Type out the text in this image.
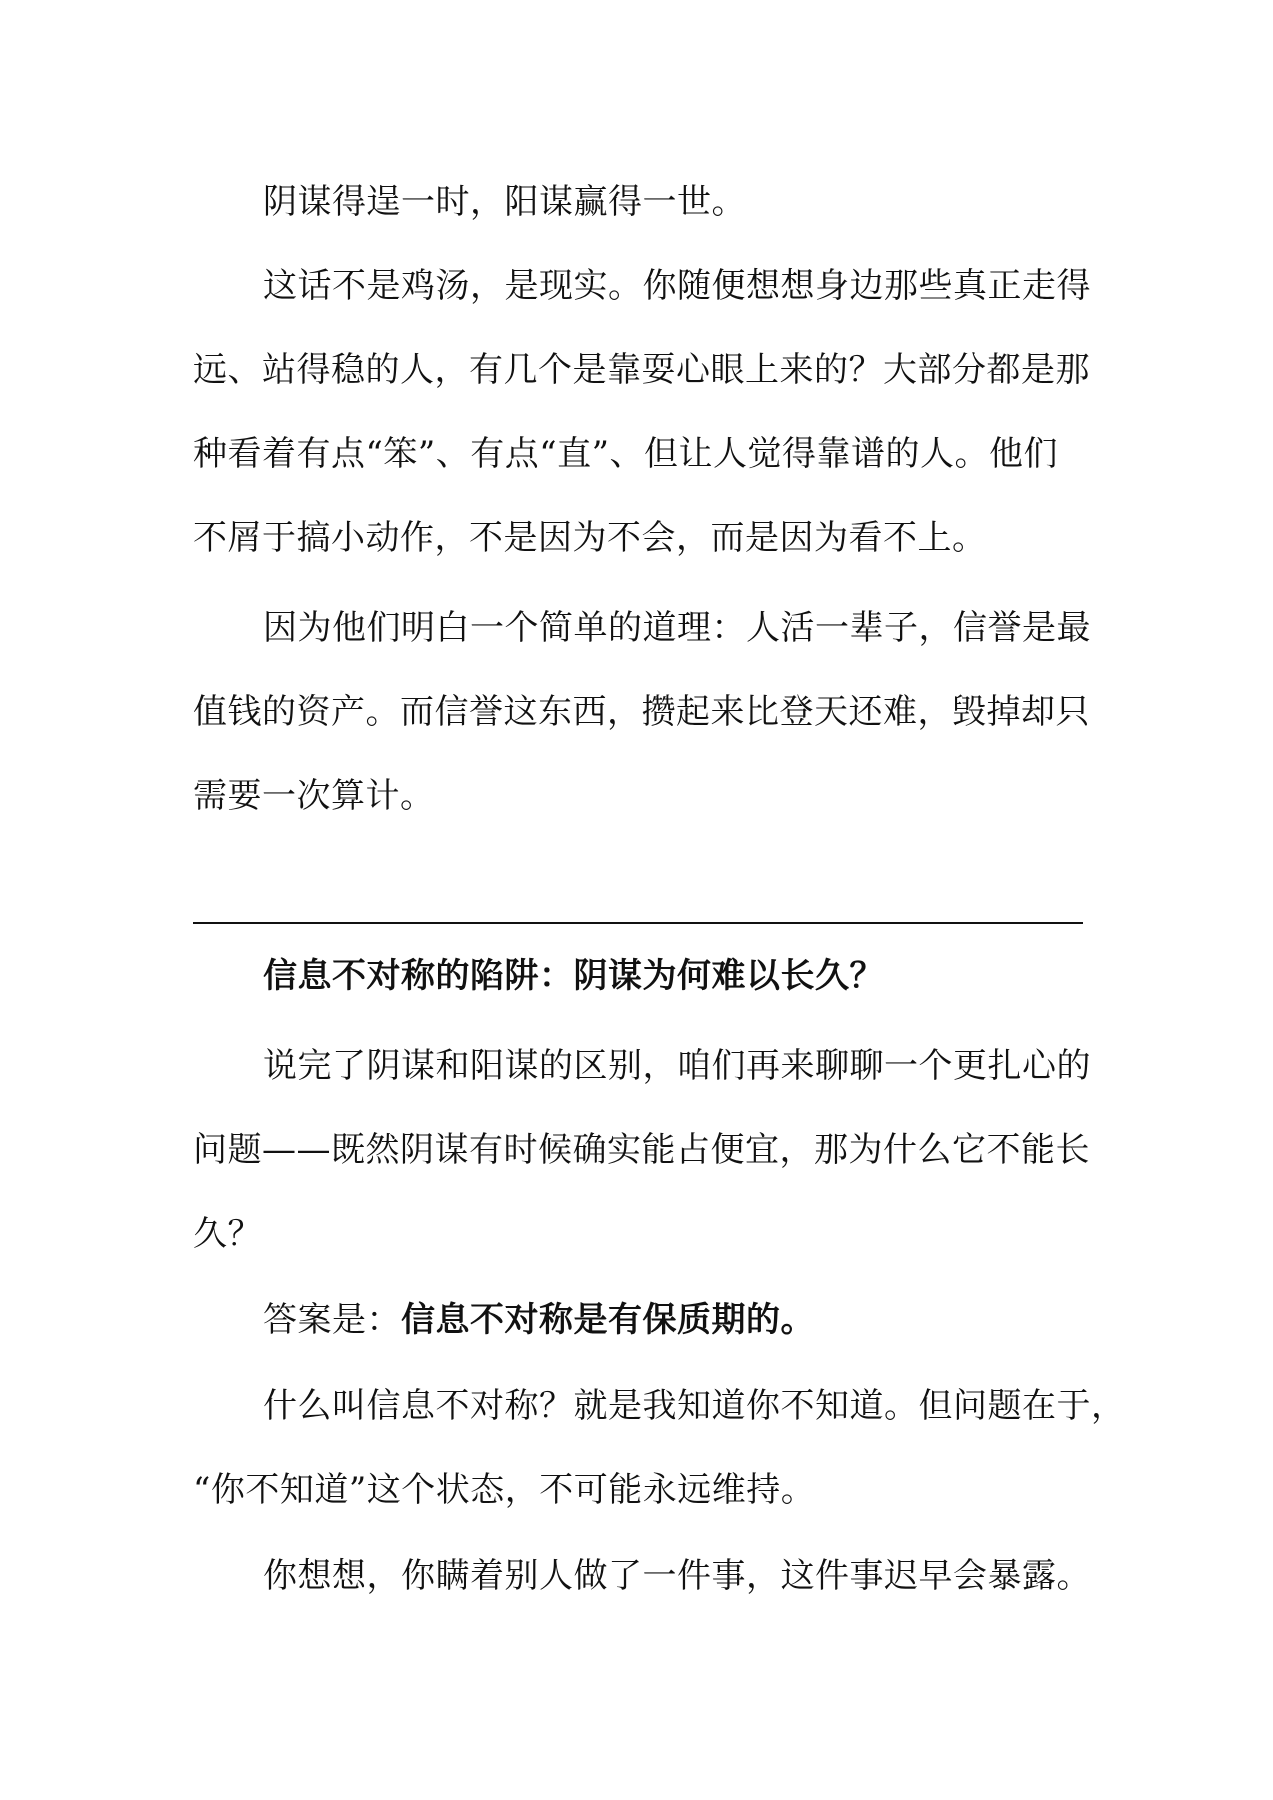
阴谋得逞一时，阳谋赢得一世。
这话不是鸡汤，是现实。你随便想想身边那些真正走得
远、站得稳的人，有几个是靠耍心眼上来的？大部分都是那
种看着有点“笨”、有点“直”、但让人觉得靠谱的人。他们
不屑于搞小动作，不是因为不会，而是因为看不上。
因为他们明白一个简单的道理：人活一辈子，信誉是最
值钱的资产。而信誉这东西，攒起来比登天还难，毁掉却只
需要一次算计。
信息不对称的陷阱：阴谋为何难以长久？
说完了阴谋和阳谋的区别，咱们再来聊聊一个更扎心的
问题——既然阴谋有时候确实能占便宜，那为什么它不能长
久？
答案是：信息不对称是有保质期的。
什么叫信息不对称？就是我知道你不知道。但问题在于，
“你不知道”这个状态，不可能永远维持。
你想想，你瞒着别人做了一件事，这件事迟早会暴露。
